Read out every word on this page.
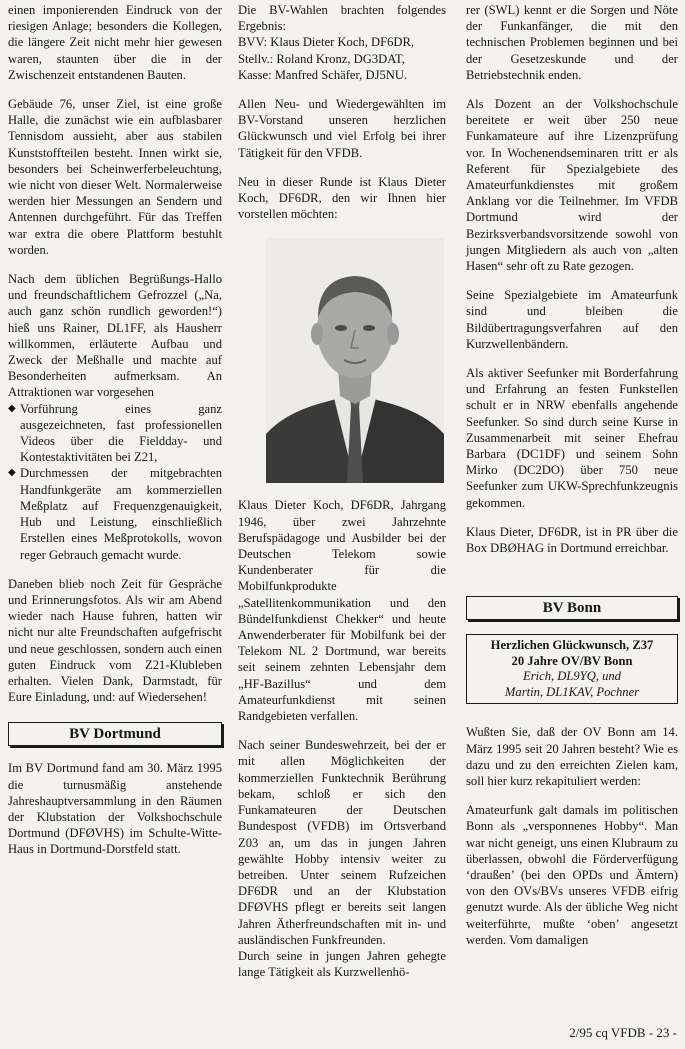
einen imponierenden Eindruck von der riesigen Anlage; besonders die Kollegen, die längere Zeit nicht mehr hier gewesen waren, staunten über die in der Zwischenzeit entstandenen Bauten.

Gebäude 76, unser Ziel, ist eine große Halle, die zunächst wie ein aufblasbarer Tennisdom aussieht, aber aus stabilen Kunststoffteilen besteht. Innen wirkt sie, besonders bei Scheinwerferbeleuchtung, wie nicht von dieser Welt. Normalerweise werden hier Messungen an Sendern und Antennen durchgeführt. Für das Treffen war extra die obere Plattform bestuhlt worden.

Nach dem üblichen Begrüßungs-Hallo und freundschaftlichem Gefrozzel („Na, auch ganz schön rundlich geworden!“) hieß uns Rainer, DL1FF, als Hausherr willkommen, erläuterte Aufbau und Zweck der Meßhalle und machte auf Besonderheiten aufmerksam. An Attraktionen war vorgesehen

◆ Vorführung eines ganz ausgezeichneten, fast professionellen Videos über die Fieldday- und Kontestaktivitäten bei Z21,
◆ Durchmessen der mitgebrachten Handfunkgeräte am kommerziellen Meßplatz auf Frequenzgenauigkeit, Hub und Leistung, einschließlich Erstellen eines Meßprotokolls, wovon reger Gebrauch gemacht wurde.

Daneben blieb noch Zeit für Gespräche und Erinnerungsfotos. Als wir am Abend wieder nach Hause fuhren, hatten wir nicht nur alte Freundschaften aufgefrischt und neue geschlossen, sondern auch einen guten Eindruck vom Z21-Klubleben erhalten. Vielen Dank, Darmstadt, für Eure Einladung, und: auf Wiedersehen!

BV Dortmund

Im BV Dortmund fand am 30. März 1995 die turnusmäßig anstehende Jahreshauptversammlung in den Räumen der Klubstation der Volkshochschule Dortmund (DFØVHS) im Schulte-Witte-Haus in Dortmund-Dorstfeld statt.

Die BV-Wahlen brachten folgendes Ergebnis:

BVV: Klaus Dieter Koch, DF6DR,

Stellv.: Roland Kronz, DG3DAT,

Kasse: Manfred Schäfer, DJ5NU.

Allen Neu- und Wiedergewählten im BV-Vorstand unseren herzlichen Glückwunsch und viel Erfolg bei ihrer Tätigkeit für den VFDB.

Neu in dieser Runde ist Klaus Dieter Koch, DF6DR, den wir Ihnen hier vorstellen möchten:

Klaus Dieter Koch, DF6DR, Jahrgang 1946, über zwei Jahrzehnte Berufspädagoge und Ausbilder bei der Deutschen Telekom sowie Kundenberater für die Mobilfunkprodukte „Satellitenkommunikation und den Bündelfunkdienst Chekker“ und heute Anwenderberater für Mobilfunk bei der Telekom NL 2 Dortmund, war bereits seit seinem zehnten Lebensjahr dem „HF-Bazillus“ und dem Amateurfunkdienst mit seinen Randgebieten verfallen.

Nach seiner Bundeswehrzeit, bei der er mit allen Möglichkeiten der kommerziellen Funktechnik Berührung bekam, schloß er sich den Funkamateuren der Deutschen Bundespost (VFDB) im Ortsverband Z03 an, um das in jungen Jahren gewählte Hobby intensiv weiter zu betreiben. Unter seinem Rufzeichen DF6DR und an der Klubstation DFØVHS pflegt er bereits seit langen Jahren Ätherfreundschaften mit in- und ausländischen Funkfreunden.

Durch seine in jungen Jahren gehegte lange Tätigkeit als Kurzwellenhö-

rer (SWL) kennt er die Sorgen und Nöte der Funkanfänger, die mit den technischen Problemen beginnen und bei der Gesetzeskunde und der Betriebstechnik enden.

Als Dozent an der Volkshochschule bereitete er weit über 250 neue Funkamateure auf ihre Lizenzprüfung vor. In Wochenendseminaren tritt er als Referent für Spezialgebiete des Amateurfunkdienstes mit großem Anklang vor die Teilnehmer. Im VFDB Dortmund wird der Bezirksverbandsvorsitzende sowohl von jungen Mitgliedern als auch von „alten Hasen“ sehr oft zu Rate gezogen.

Seine Spezialgebiete im Amateurfunk sind und bleiben die Bildübertragungsverfahren auf den Kurzwellenbändern.

Als aktiver Seefunker mit Borderfahrung und Erfahrung an festen Funkstellen schult er in NRW ebenfalls angehende Seefunker. So sind durch seine Kurse in Zusammenarbeit mit seiner Ehefrau Barbara (DC1DF) und seinem Sohn Mirko (DC2DO) über 750 neue Seefunker zum UKW-Sprechfunkzeugnis gekommen.

Klaus Dieter, DF6DR, ist in PR über die Box DBØHAG in Dortmund erreichbar.

BV Bonn
Herzlichen Glückwunsch, Z37
20 Jahre OV/BV Bonn
Erich, DL9YQ, und
Martin, DL1KAV, Pochner

Wußten Sie, daß der OV Bonn am 14. März 1995 seit 20 Jahren besteht? Wie es dazu und zu den erreichten Zielen kam, soll hier kurz rekapituliert werden:

Amateurfunk galt damals im politischen Bonn als „versponnenes Hobby“. Man war nicht geneigt, uns einen Klubraum zu überlassen, obwohl die Förderverfügung ‘draußen’ (bei den OPDs und Ämtern) von den OVs/BVs unseres VFDB eifrig genutzt wurde. Als der übliche Weg nicht weiterführte, mußte ‘oben’ angesetzt werden. Vom damaligen

2/95 cq VFDB - 23 -
